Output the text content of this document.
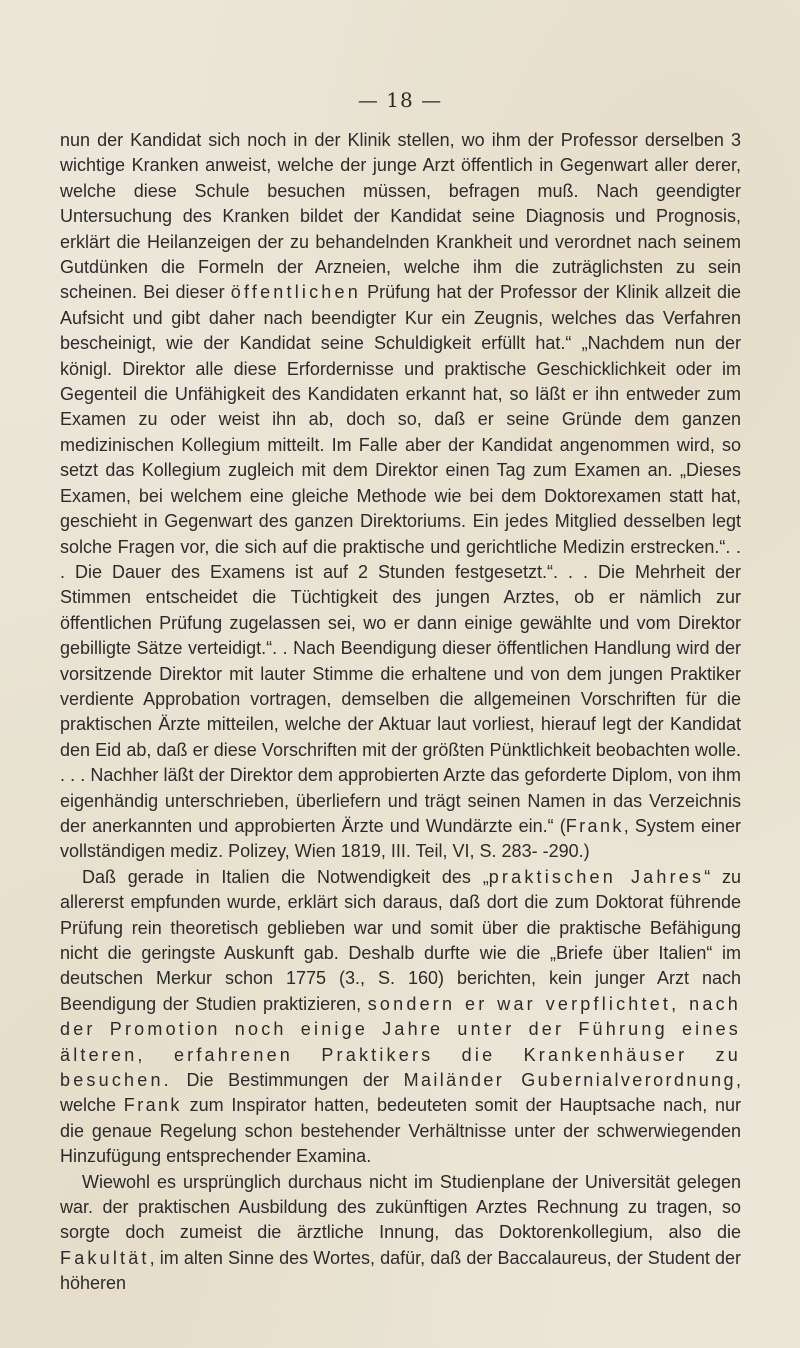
— 18 —

nun der Kandidat sich noch in der Klinik stellen, wo ihm der Professor derselben 3 wichtige Kranken anweist, welche der junge Arzt öffentlich in Gegenwart aller derer, welche diese Schule besuchen müssen, befragen muß. Nach geendigter Untersuchung des Kranken bildet der Kandidat seine Diagnosis und Prognosis, erklärt die Heilanzeigen der zu behandelnden Krankheit und verordnet nach seinem Gutdünken die Formeln der Arzneien, welche ihm die zuträglichsten zu sein scheinen. Bei dieser öffentlichen Prüfung hat der Professor der Klinik allzeit die Aufsicht und gibt daher nach beendigter Kur ein Zeugnis, welches das Verfahren bescheinigt, wie der Kandidat seine Schuldigkeit erfüllt hat.“ „Nachdem nun der königl. Direktor alle diese Erfordernisse und praktische Geschicklichkeit oder im Gegenteil die Unfähigkeit des Kandidaten erkannt hat, so läßt er ihn entweder zum Examen zu oder weist ihn ab, doch so, daß er seine Gründe dem ganzen medizinischen Kollegium mitteilt. Im Falle aber der Kandidat angenommen wird, so setzt das Kollegium zugleich mit dem Direktor einen Tag zum Examen an. „Dieses Examen, bei welchem eine gleiche Methode wie bei dem Doktorexamen statt hat, geschieht in Gegenwart des ganzen Direktoriums. Ein jedes Mitglied desselben legt solche Fragen vor, die sich auf die praktische und gerichtliche Medizin erstrecken.“. . . Die Dauer des Examens ist auf 2 Stunden festgesetzt.“. . . Die Mehrheit der Stimmen entscheidet die Tüchtigkeit des jungen Arztes, ob er nämlich zur öffentlichen Prüfung zugelassen sei, wo er dann einige gewählte und vom Direktor gebilligte Sätze verteidigt.“. . Nach Beendigung dieser öffentlichen Handlung wird der vorsitzende Direktor mit lauter Stimme die erhaltene und von dem jungen Praktiker verdiente Approbation vortragen, demselben die allgemeinen Vorschriften für die praktischen Ärzte mitteilen, welche der Aktuar laut vorliest, hierauf legt der Kandidat den Eid ab, daß er diese Vorschriften mit der größten Pünktlichkeit beobachten wolle. . . . Nachher läßt der Direktor dem approbierten Arzte das geforderte Diplom, von ihm eigenhändig unterschrieben, überliefern und trägt seinen Namen in das Verzeichnis der anerkannten und approbierten Ärzte und Wundärzte ein.“ (Frank, System einer vollständigen mediz. Polizey, Wien 1819, III. Teil, VI, S. 283- -290.)

Daß gerade in Italien die Notwendigkeit des „praktischen Jahres“ zu allererst empfunden wurde, erklärt sich daraus, daß dort die zum Doktorat führende Prüfung rein theoretisch geblieben war und somit über die praktische Befähigung nicht die geringste Auskunft gab. Deshalb durfte wie die „Briefe über Italien“ im deutschen Merkur schon 1775 (3., S. 160) berichten, kein junger Arzt nach Beendigung der Studien praktizieren, sondern er war verpflichtet, nach der Promotion noch einige Jahre unter der Führung eines älteren, erfahrenen Praktikers die Krankenhäuser zu besuchen. Die Bestimmungen der Mailänder Gubernialverordnung, welche Frank zum Inspirator hatten, bedeuteten somit der Hauptsache nach, nur die genaue Regelung schon bestehender Verhältnisse unter der schwerwiegenden Hinzufügung entsprechender Examina.

Wiewohl es ursprünglich durchaus nicht im Studienplane der Universität gelegen war. der praktischen Ausbildung des zukünftigen Arztes Rechnung zu tragen, so sorgte doch zumeist die ärztliche Innung, das Doktorenkollegium, also die Fakultät, im alten Sinne des Wortes, dafür, daß der Baccalaureus, der Student der höheren
